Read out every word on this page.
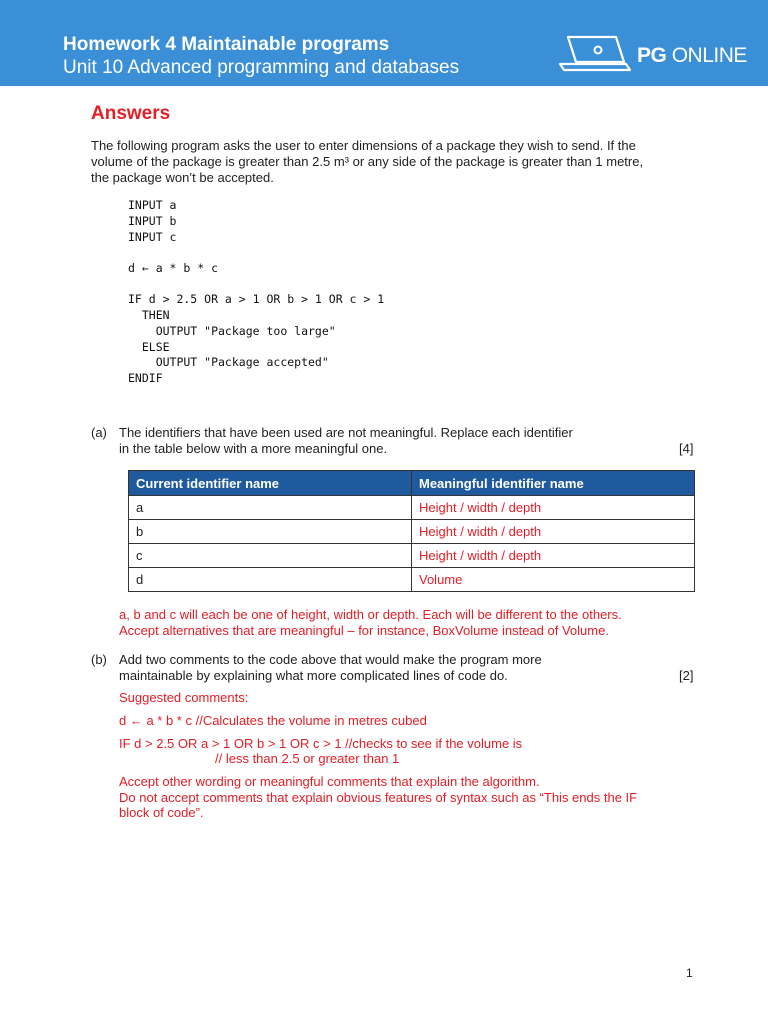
Homework 4 Maintainable programs
Unit 10 Advanced programming and databases
PG ONLINE
Answers
The following program asks the user to enter dimensions of a package they wish to send. If the
volume of the package is greater than 2.5 m³ or any side of the package is greater than 1 metre,
the package won’t be accepted.
INPUT a
INPUT b
INPUT c
d ← a * b * c
IF d > 2.5 OR a > 1 OR b > 1 OR c > 1
THEN
OUTPUT "Package too large"
ELSE
OUTPUT "Package accepted"
ENDIF
(a) The identifiers that have been used are not meaningful. Replace each identifier
in the table below with a more meaningful one.	[4]
Current identifier name	Meaningful identifier name
a	Height / width / depth
b	Height / width / depth
c	Height / width / depth
d	Volume
a, b and c will each be one of height, width or depth. Each will be different to the others.
Accept alternatives that are meaningful – for instance, BoxVolume instead of Volume.
(b) Add two comments to the code above that would make the program more
maintainable by explaining what more complicated lines of code do.	[2]
Suggested comments:
d ← a * b * c //Calculates the volume in metres cubed
IF d > 2.5 OR a > 1 OR b > 1 OR c > 1 //checks to see if the volume is
// less than 2.5 or greater than 1
Accept other wording or meaningful comments that explain the algorithm.
Do not accept comments that explain obvious features of syntax such as “This ends the IF
block of code”.
1
